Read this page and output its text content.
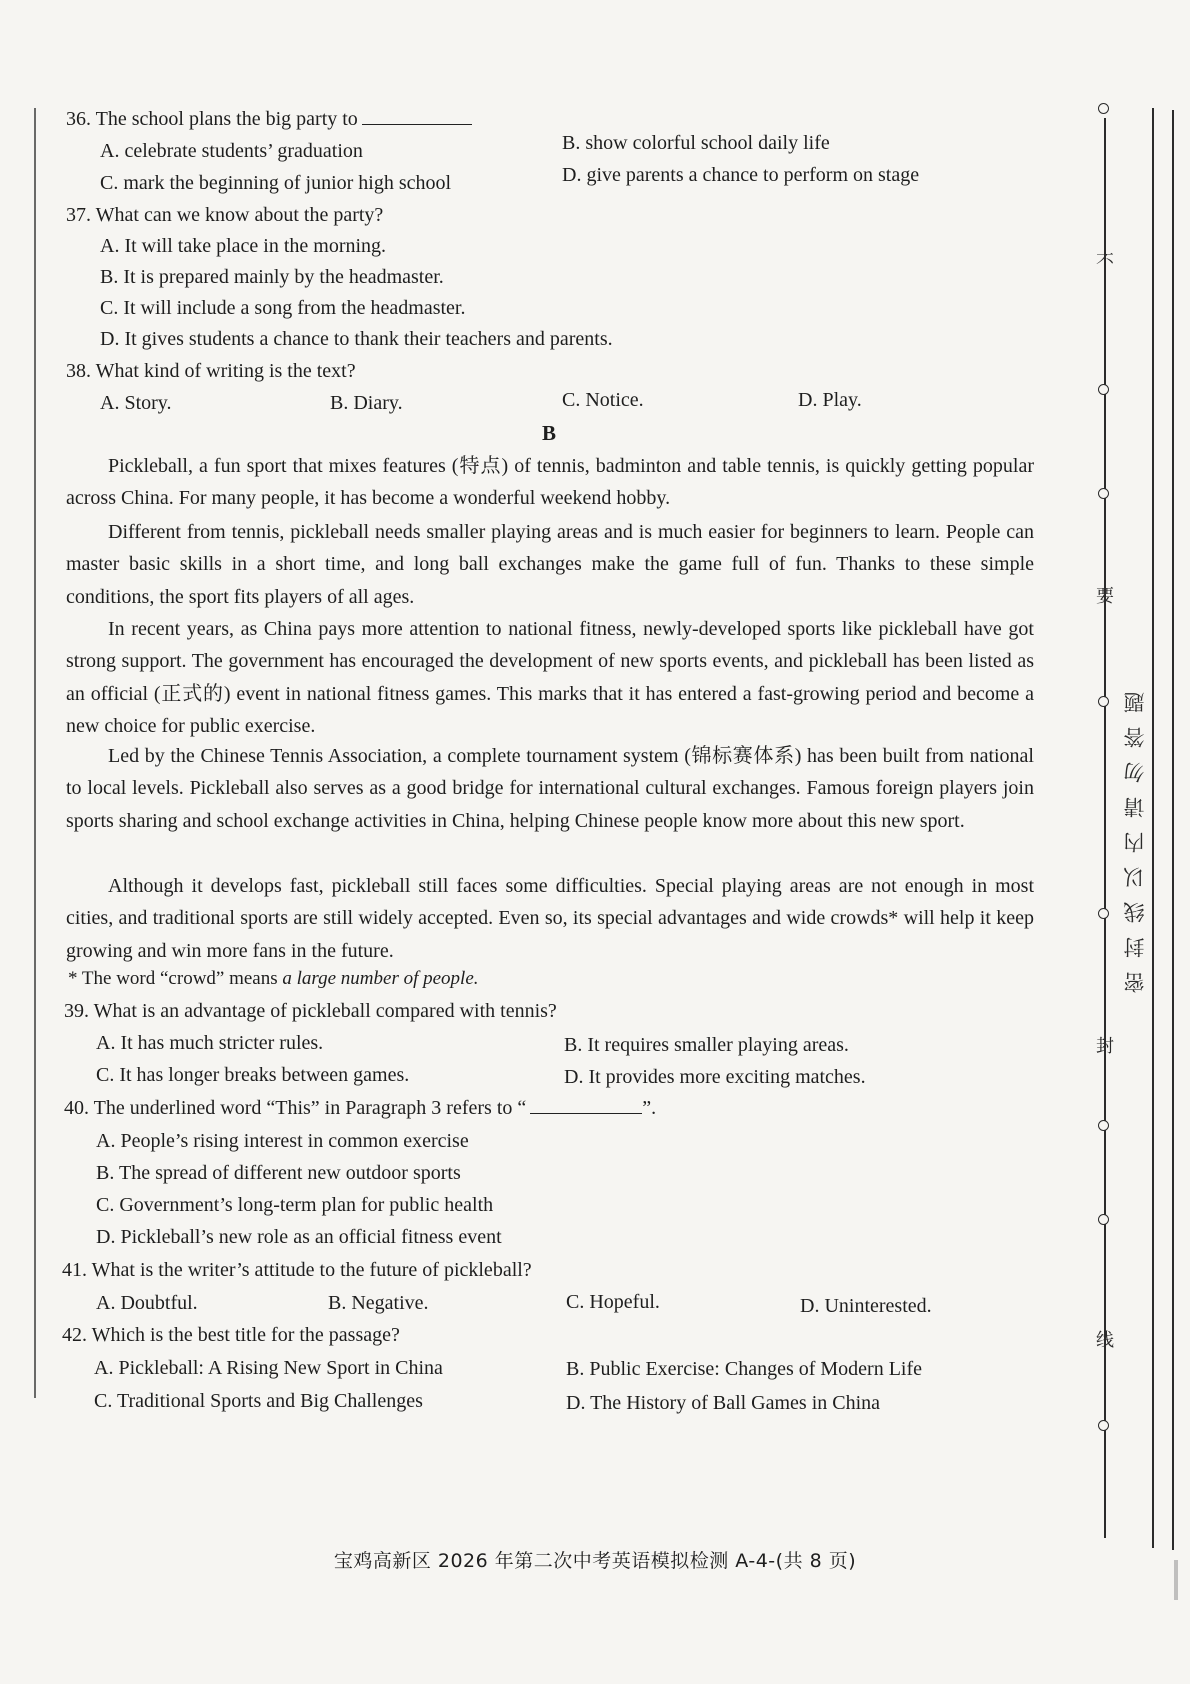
36. The school plans the big party to
A. celebrate students’ graduation	B. show colorful school daily life
C. mark the beginning of junior high school	D. give parents a chance to perform on stage
37. What can we know about the party?
A. It will take place in the morning.
B. It is prepared mainly by the headmaster.
C. It will include a song from the headmaster.
D. It gives students a chance to thank their teachers and parents.
38. What kind of writing is the text?
A. Story.	B. Diary.	C. Notice.	D. Play.
B
Pickleball, a fun sport that mixes features (特点) of tennis, badminton and table tennis, is quickly getting popular across China. For many people, it has become a wonderful weekend hobby.
Different from tennis, pickleball needs smaller playing areas and is much easier for beginners to learn. People can master basic skills in a short time, and long ball exchanges make the game full of fun. Thanks to these simple conditions, the sport fits players of all ages.
In recent years, as China pays more attention to national fitness, newly-developed sports like pickleball have got strong support. The government has encouraged the development of new sports events, and pickleball has been listed as an official (正式的) event in national fitness games. This marks that it has entered a fast-growing period and become a new choice for public exercise.
Led by the Chinese Tennis Association, a complete tournament system (锦标赛体系) has been built from national to local levels. Pickleball also serves as a good bridge for international cultural exchanges. Famous foreign players join sports sharing and school exchange activities in China, helping Chinese people know more about this new sport.
Although it develops fast, pickleball still faces some difficulties. Special playing areas are not enough in most cities, and traditional sports are still widely accepted. Even so, its special advantages and wide crowds* will help it keep growing and win more fans in the future.
* The word “crowd” means a large number of people.
39. What is an advantage of pickleball compared with tennis?
A. It has much stricter rules.	B. It requires smaller playing areas.
C. It has longer breaks between games.	D. It provides more exciting matches.
40. The underlined word “This” in Paragraph 3 refers to “	”.
A. People’s rising interest in common exercise
B. The spread of different new outdoor sports
C. Government’s long-term plan for public health
D. Pickleball’s new role as an official fitness event
41. What is the writer’s attitude to the future of pickleball?
A. Doubtful.	B. Negative.	C. Hopeful.	D. Uninterested.
42. Which is the best title for the passage?
A. Pickleball: A Rising New Sport in China	B. Public Exercise: Changes of Modern Life
C. Traditional Sports and Big Challenges	D. The History of Ball Games in China
宝鸡高新区 2026 年第二次中考英语模拟检测 A-4-(共 8 页)
不
要
密封线以内请勿答题
封
线
